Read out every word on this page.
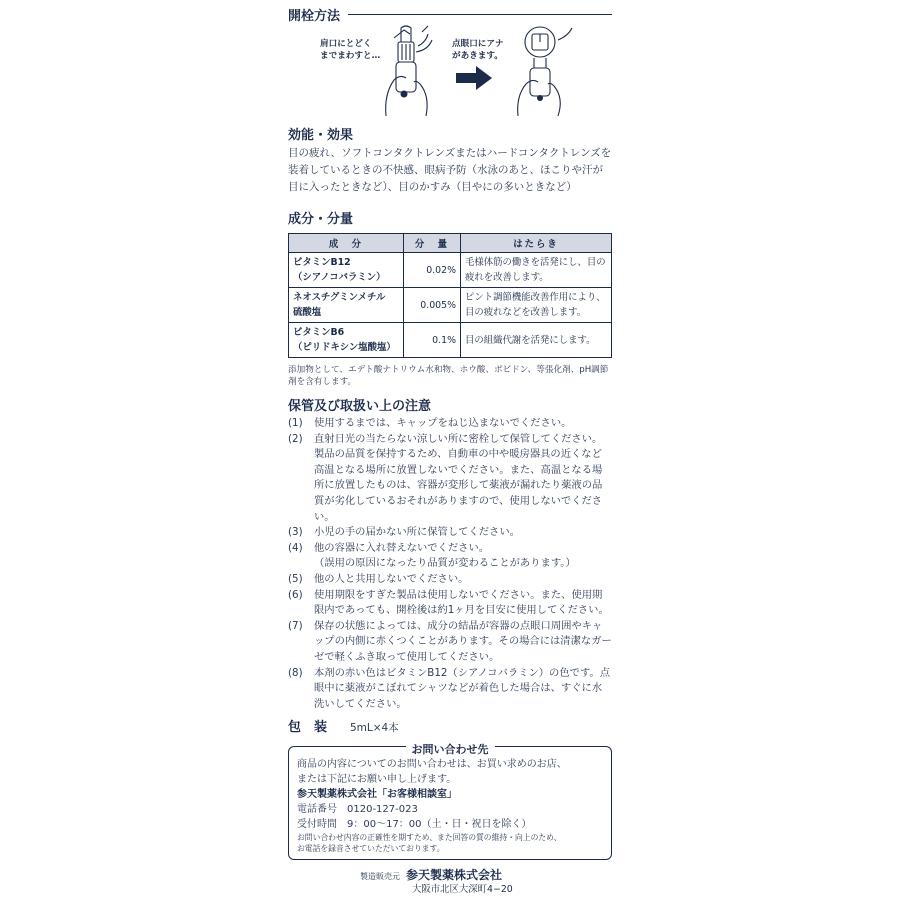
開栓方法
肩口にとどく
までまわすと…
点眼口にアナ
があきます。
効能・効果
目の疲れ、ソフトコンタクトレンズまたはハードコンタクトレンズを装着しているときの不快感、眼病予防（水泳のあと、ほこりや汗が目に入ったときなど）、目のかすみ（目やにの多いときなど）
成分・分量
成　分	分　量	はたらき
ビタミンB12
（シアノコバラミン）	0.02%	毛様体筋の働きを活発にし、目の疲れを改善します。
ネオスチグミンメチル
硫酸塩	0.005%	ピント調節機能改善作用により、目の疲れなどを改善します。
ビタミンB6
（ピリドキシン塩酸塩）	0.1%	目の組織代謝を活発にします。
添加物として、エデト酸ナトリウム水和物、ホウ酸、ポビドン、等張化剤、pH調節剤を含有します。
保管及び取扱い上の注意
(1)	使用するまでは、キャップをねじ込まないでください。
(2)	直射日光の当たらない涼しい所に密栓して保管してください。
製品の品質を保持するため、自動車の中や暖房器具の近くなど高温となる場所に放置しないでください。また、高温となる場所に放置したものは、容器が変形して薬液が漏れたり薬液の品質が劣化しているおそれがありますので、使用しないでください。
(3)	小児の手の届かない所に保管してください。
(4)	他の容器に入れ替えないでください。
（誤用の原因になったり品質が変わることがあります。）
(5)	他の人と共用しないでください。
(6)	使用期限をすぎた製品は使用しないでください。また、使用期限内であっても、開栓後は約1ヶ月を目安に使用してください。
(7)	保存の状態によっては、成分の結晶が容器の点眼口周囲やキャップの内側に赤くつくことがあります。その場合には清潔なガーゼで軽くふき取って使用してください。
(8)	本剤の赤い色はビタミンB12（シアノコバラミン）の色です。点眼中に薬液がこぼれてシャツなどが着色した場合は、すぐに水洗いしてください。
包　装	5mL×4本
お問い合わせ先
商品の内容についてのお問い合わせは、お買い求めのお店、
または下記にお願い申し上げます。
参天製薬株式会社「お客様相談室」
電話番号　0120-127-023
受付時間　9：00～17：00（土・日・祝日を除く）
お問い合わせ内容の正確性を期すため、また回答の質の維持・向上のため、
お電話を録音させていただいております。
製造販売元 参天製薬株式会社
大阪市北区大深町4−20
